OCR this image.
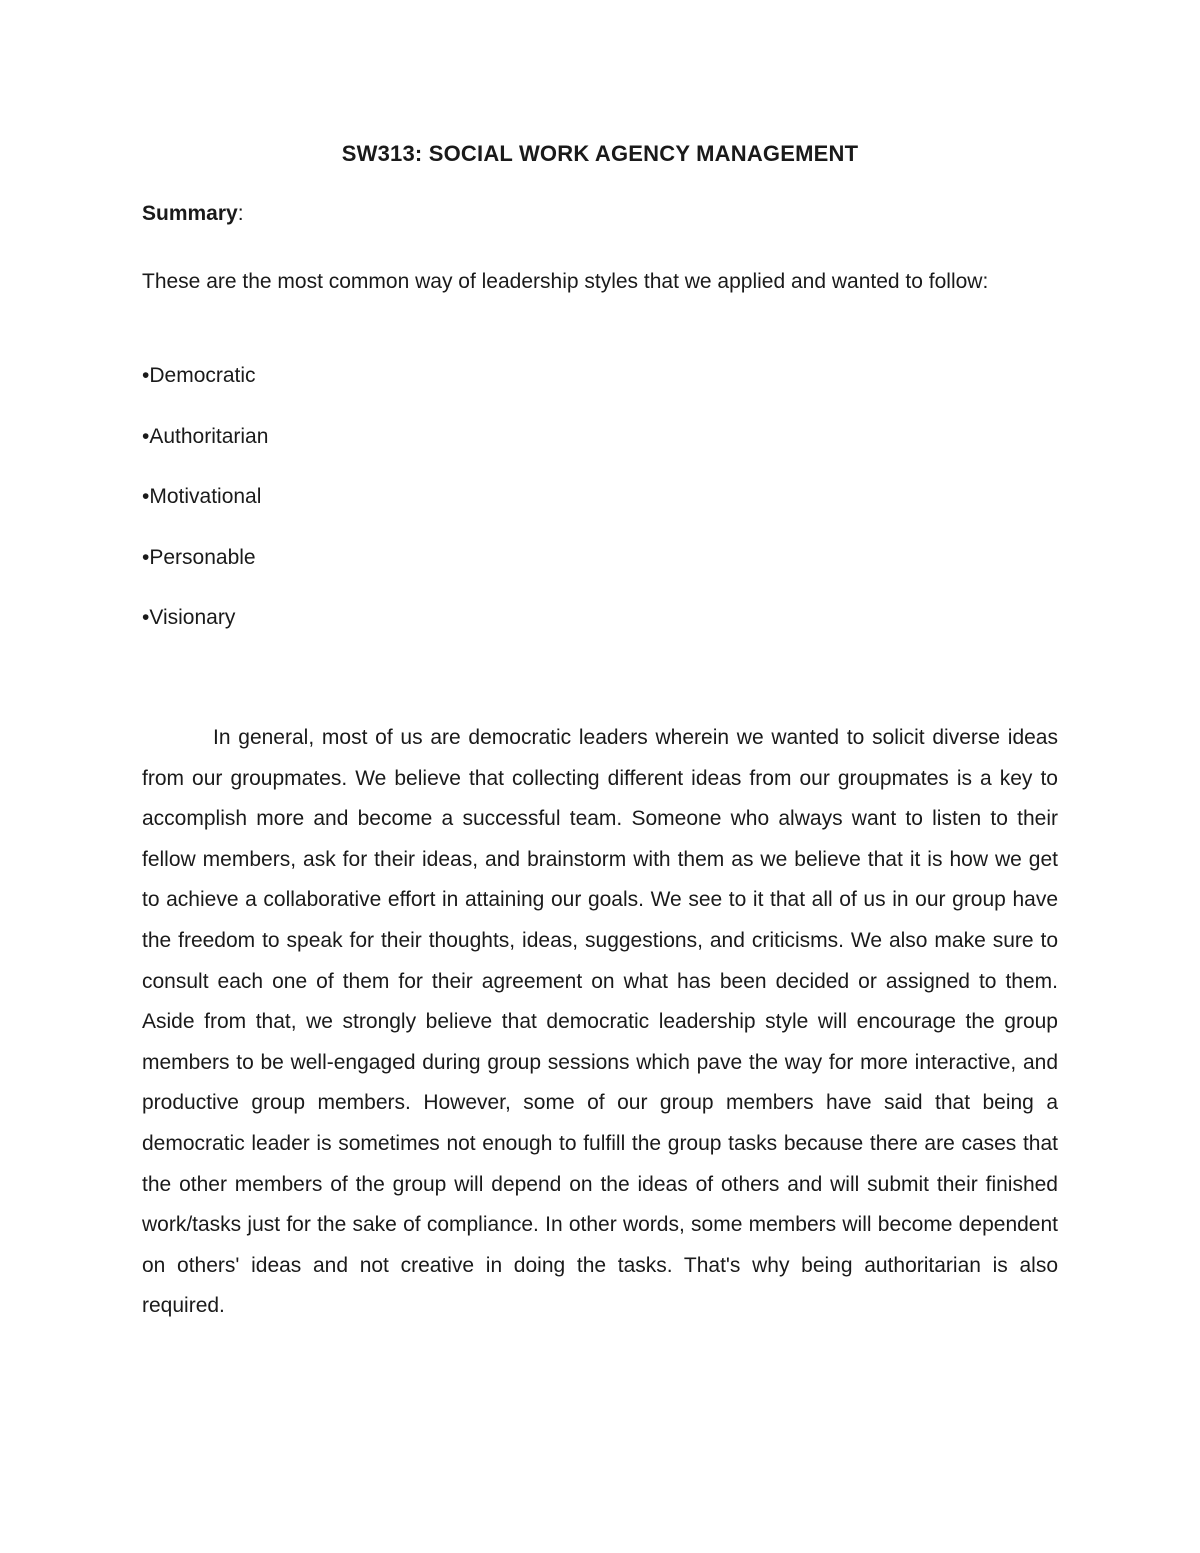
SW313: SOCIAL WORK AGENCY MANAGEMENT

Summary:

These are the most common way of leadership styles that we applied and wanted to follow:

•Democratic
•Authoritarian
•Motivational
•Personable
•Visionary

In general, most of us are democratic leaders wherein we wanted to solicit diverse ideas from our groupmates. We believe that collecting different ideas from our groupmates is a key to accomplish more and become a successful team. Someone who always want to listen to their fellow members, ask for their ideas, and brainstorm with them as we believe that it is how we get to achieve a collaborative effort in attaining our goals. We see to it that all of us in our group have the freedom to speak for their thoughts, ideas, suggestions, and criticisms. We also make sure to consult each one of them for their agreement on what has been decided or assigned to them. Aside from that, we strongly believe that democratic leadership style will encourage the group members to be well-engaged during group sessions which pave the way for more interactive, and productive group members. However, some of our group members have said that being a democratic leader is sometimes not enough to fulfill the group tasks because there are cases that the other members of the group will depend on the ideas of others and will submit their finished work/tasks just for the sake of compliance. In other words, some members will become dependent on others' ideas and not creative in doing the tasks. That's why being authoritarian is also required.
